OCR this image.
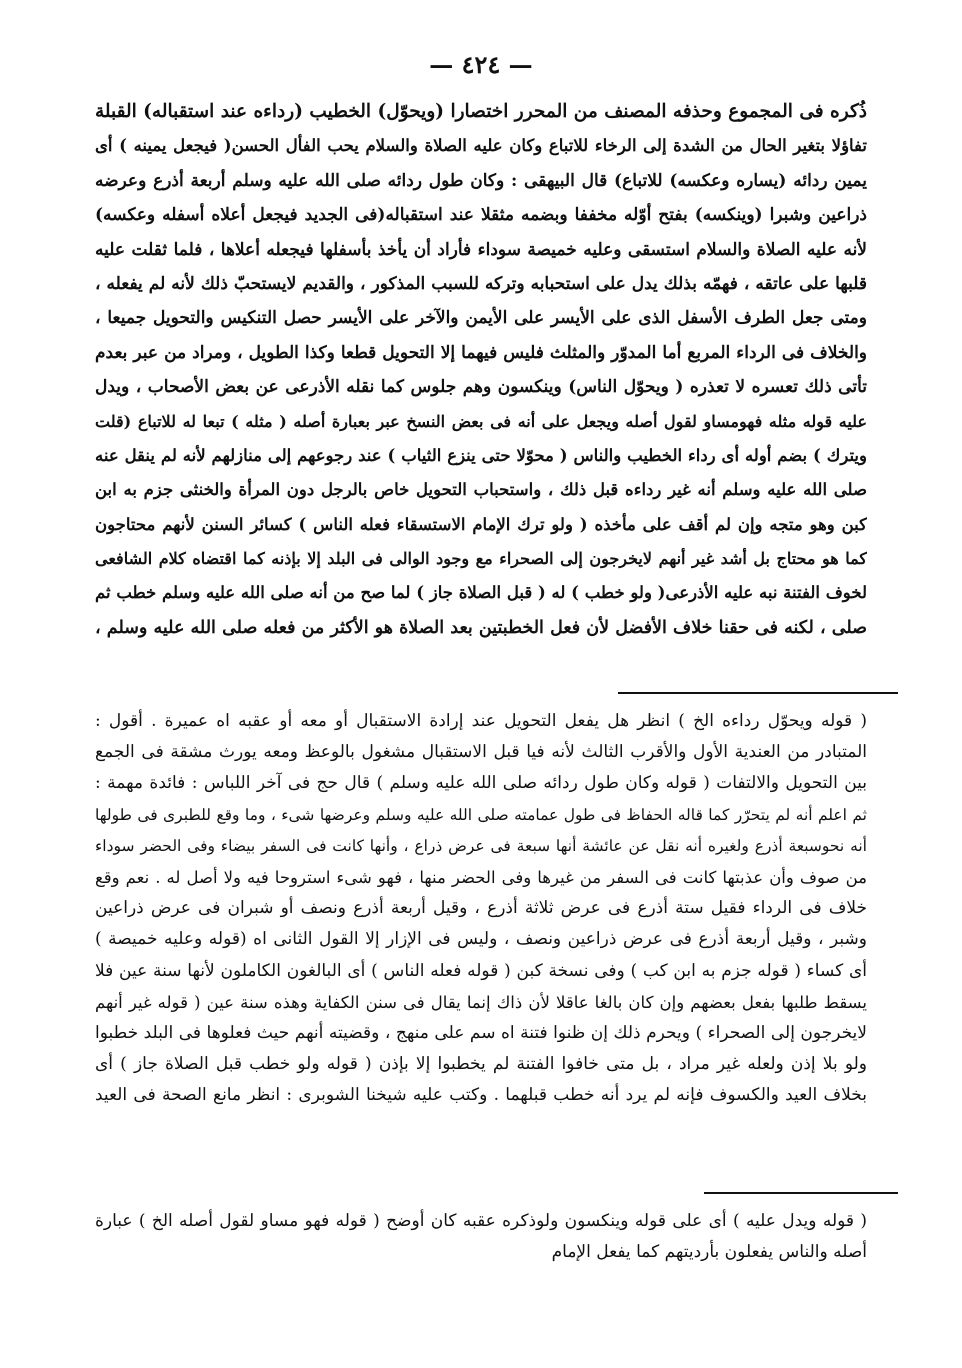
— ٤٢٤ —
ذُكره فى المجموع وحذفه المصنف من المحرر اختصارا (ويحوّل) الخطيب (رداءه عند استقباله) القبلة
تفاؤلا بتغير الحال من الشدة إلى الرخاء للاتباع وكان عليه الصلاة والسلام يحب الفأل الحسن( فيجعل يمينه ) أى
يمين ردائه (يساره وعكسه) للاتباع) قال البيهقى : وكان طول ردائه صلى الله عليه وسلم أربعة أذرع وعرضه
ذراعين وشبرا (وينكسه) بفتح أوّله مخففا وبضمه مثقلا عند استقباله(فى الجديد فيجعل أعلاه أسفله وعكسه)
لأنه عليه الصلاة والسلام استسقى وعليه خميصة سوداء فأراد أن يأخذ بأسفلها فيجعله أعلاها ، فلما ثقلت عليه
قلبها على عاتقه ، فهمّه بذلك يدل على استحبابه وتركه للسبب المذكور ، والقديم لايستحبّ ذلك لأنه لم يفعله ،
ومتى جعل الطرف الأسفل الذى على الأيسر على الأيمن والآخر على الأيسر حصل التنكيس والتحويل جميعا ،
والخلاف فى الرداء المربع أما المدوّر والمثلث فليس فيهما إلا التحويل قطعا وكذا الطويل ، ومراد من عبر بعدم
تأتى ذلك تعسره لا تعذره ( ويحوّل الناس) وينكسون وهم جلوس كما نقله الأذرعى عن بعض الأصحاب ، ويدل
عليه قوله مثله فهومساو لقول أصله ويجعل على أنه فى بعض النسخ عبر بعبارة أصله ( مثله ) تبعا له للاتباع (قلت
ويترك ) بضم أوله أى رداء الخطيب والناس ( محوّلا حتى ينزع الثياب ) عند رجوعهم إلى منازلهم لأنه لم ينقل عنه
صلى الله عليه وسلم أنه غير رداءه قبل ذلك ، واستحباب التحويل خاص بالرجل دون المرأة والخنثى جزم به ابن
كبن وهو متجه وإن لم أقف على مأخذه ( ولو ترك الإمام الاستسقاء فعله الناس ) كسائر السنن لأنهم محتاجون
كما هو محتاج بل أشد غير أنهم لايخرجون إلى الصحراء مع وجود الوالى فى البلد إلا بإذنه كما اقتضاه كلام الشافعى
لخوف الفتنة نبه عليه الأذرعى( ولو خطب ) له ( قبل الصلاة جاز ) لما صح من أنه صلى الله عليه وسلم خطب ثم
صلى ، لكنه فى حقنا خلاف الأفضل لأن فعل الخطبتين بعد الصلاة هو الأكثر من فعله صلى الله عليه وسلم ،
( قوله ويحوّل رداءه الخ ) انظر هل يفعل التحويل عند إرادة الاستقبال أو معه أو عقبه اه عميرة . أقول :
المتبادر من العندية الأول والأقرب الثالث لأنه فيا قبل الاستقبال مشغول بالوعظ ومعه يورث مشقة فى الجمع
بين التحويل والالتفات ( قوله وكان طول ردائه صلى الله عليه وسلم ) قال حج فى آخر اللباس : فائدة مهمة :
ثم اعلم أنه لم يتحرّر كما قاله الحفاظ فى طول عمامته صلى الله عليه وسلم وعرضها شىء ، وما وقع للطبرى فى طولها
أنه نحوسبعة أذرع ولغيره أنه نقل عن عائشة أنها سبعة فى عرض ذراع ، وأنها كانت فى السفر بيضاء وفى الحضر سوداء
من صوف وأن عذبتها كانت فى السفر من غيرها وفى الحضر منها ، فهو شىء استروحا فيه ولا أصل له . نعم وقع
خلاف فى الرداء فقيل ستة أذرع فى عرض ثلاثة أذرع ، وقيل أربعة أذرع ونصف أو شبران فى عرض ذراعين
وشبر ، وقيل أربعة أذرع فى عرض ذراعين ونصف ، وليس فى الإزار إلا القول الثانى اه (قوله وعليه خميصة )
أى كساء ( قوله جزم به ابن كب ) وفى نسخة كبن ( قوله فعله الناس ) أى البالغون الكاملون لأنها سنة عين فلا
يسقط طلبها بفعل بعضهم وإن كان بالغا عاقلا لأن ذاك إنما يقال فى سنن الكفاية وهذه سنة عين ( قوله غير أنهم
لايخرجون إلى الصحراء ) ويحرم ذلك إن ظنوا فتنة اه سم على منهج ، وقضيته أنهم حيث فعلوها فى البلد خطبوا
ولو بلا إذن ولعله غير مراد ، بل متى خافوا الفتنة لم يخطبوا إلا بإذن ( قوله ولو خطب قبل الصلاة جاز ) أى
بخلاف العيد والكسوف فإنه لم يرد أنه خطب قبلهما . وكتب عليه شيخنا الشوبرى : انظر مانع الصحة فى العيد
( قوله ويدل عليه ) أى على قوله وينكسون ولوذكره عقبه كان أوضح ( قوله فهو مساو لقول أصله الخ ) عبارة
أصله والناس يفعلون بأرديتهم كما يفعل الإمام
